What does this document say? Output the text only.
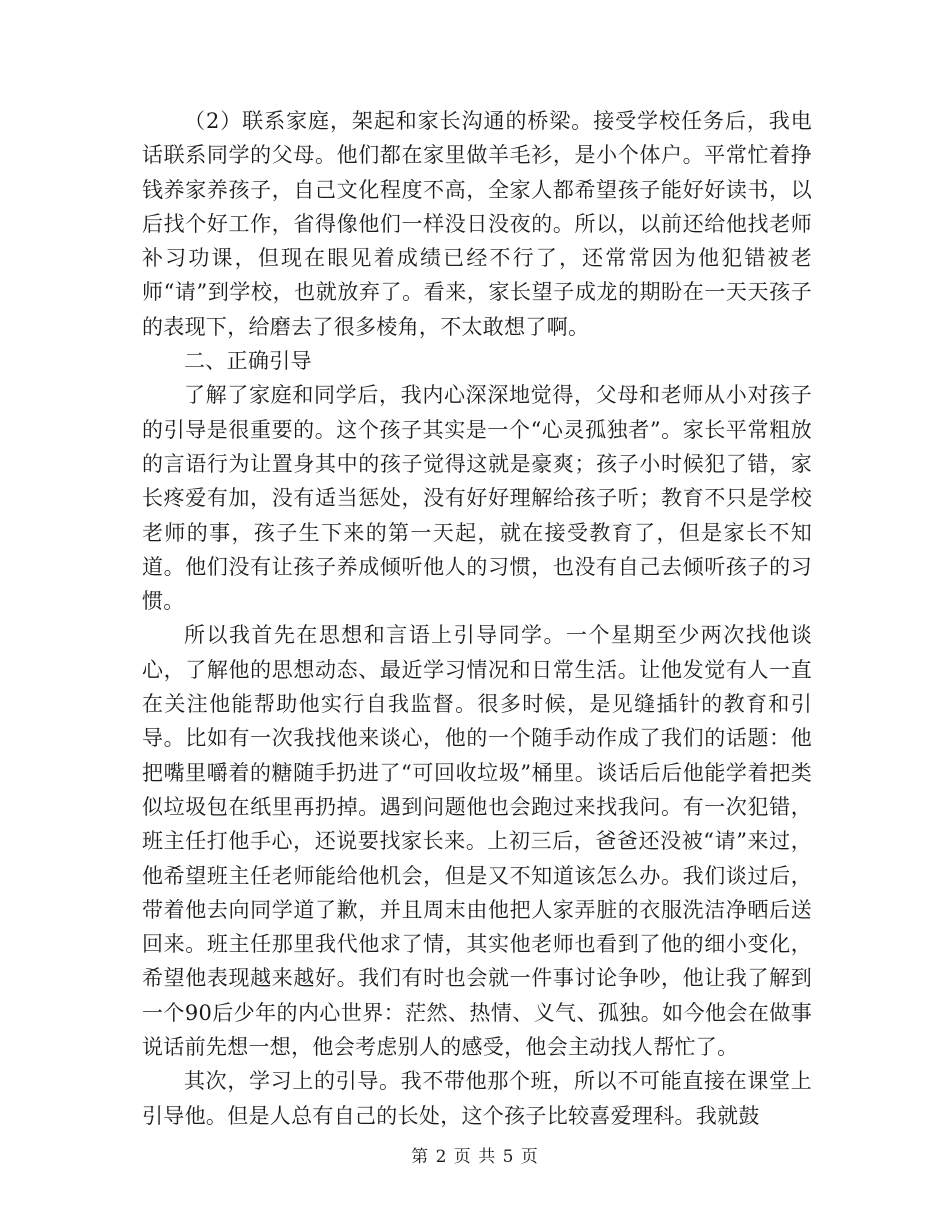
（2）联系家庭，架起和家长沟通的桥梁。接受学校任务后，我电话联系同学的父母。他们都在家里做羊毛衫，是小个体户。平常忙着挣钱养家养孩子，自己文化程度不高，全家人都希望孩子能好好读书，以后找个好工作，省得像他们一样没日没夜的。所以，以前还给他找老师补习功课，但现在眼见着成绩已经不行了，还常常因为他犯错被老师“请”到学校，也就放弃了。看来，家长望子成龙的期盼在一天天孩子的表现下，给磨去了很多棱角，不太敢想了啊。

二、正确引导

了解了家庭和同学后，我内心深深地觉得，父母和老师从小对孩子的引导是很重要的。这个孩子其实是一个“心灵孤独者”。家长平常粗放的言语行为让置身其中的孩子觉得这就是豪爽；孩子小时候犯了错，家长疼爱有加，没有适当惩处，没有好好理解给孩子听；教育不只是学校老师的事，孩子生下来的第一天起，就在接受教育了，但是家长不知道。他们没有让孩子养成倾听他人的习惯，也没有自己去倾听孩子的习惯。

所以我首先在思想和言语上引导同学。一个星期至少两次找他谈心，了解他的思想动态、最近学习情况和日常生活。让他发觉有人一直在关注他能帮助他实行自我监督。很多时候，是见缝插针的教育和引导。比如有一次我找他来谈心，他的一个随手动作成了我们的话题：他把嘴里嚼着的糖随手扔进了“可回收垃圾”桶里。谈话后后他能学着把类似垃圾包在纸里再扔掉。遇到问题他也会跑过来找我问。有一次犯错，班主任打他手心，还说要找家长来。上初三后，爸爸还没被“请”来过，他希望班主任老师能给他机会，但是又不知道该怎么办。我们谈过后，带着他去向同学道了歉，并且周末由他把人家弄脏的衣服洗洁净晒后送回来。班主任那里我代他求了情，其实他老师也看到了他的细小变化，希望他表现越来越好。我们有时也会就一件事讨论争吵，他让我了解到一个90后少年的内心世界：茫然、热情、义气、孤独。如今他会在做事说话前先想一想，他会考虑别人的感受，他会主动找人帮忙了。

其次，学习上的引导。我不带他那个班，所以不可能直接在课堂上引导他。但是人总有自己的长处，这个孩子比较喜爱理科。我就鼓

第 2 页 共 5 页
